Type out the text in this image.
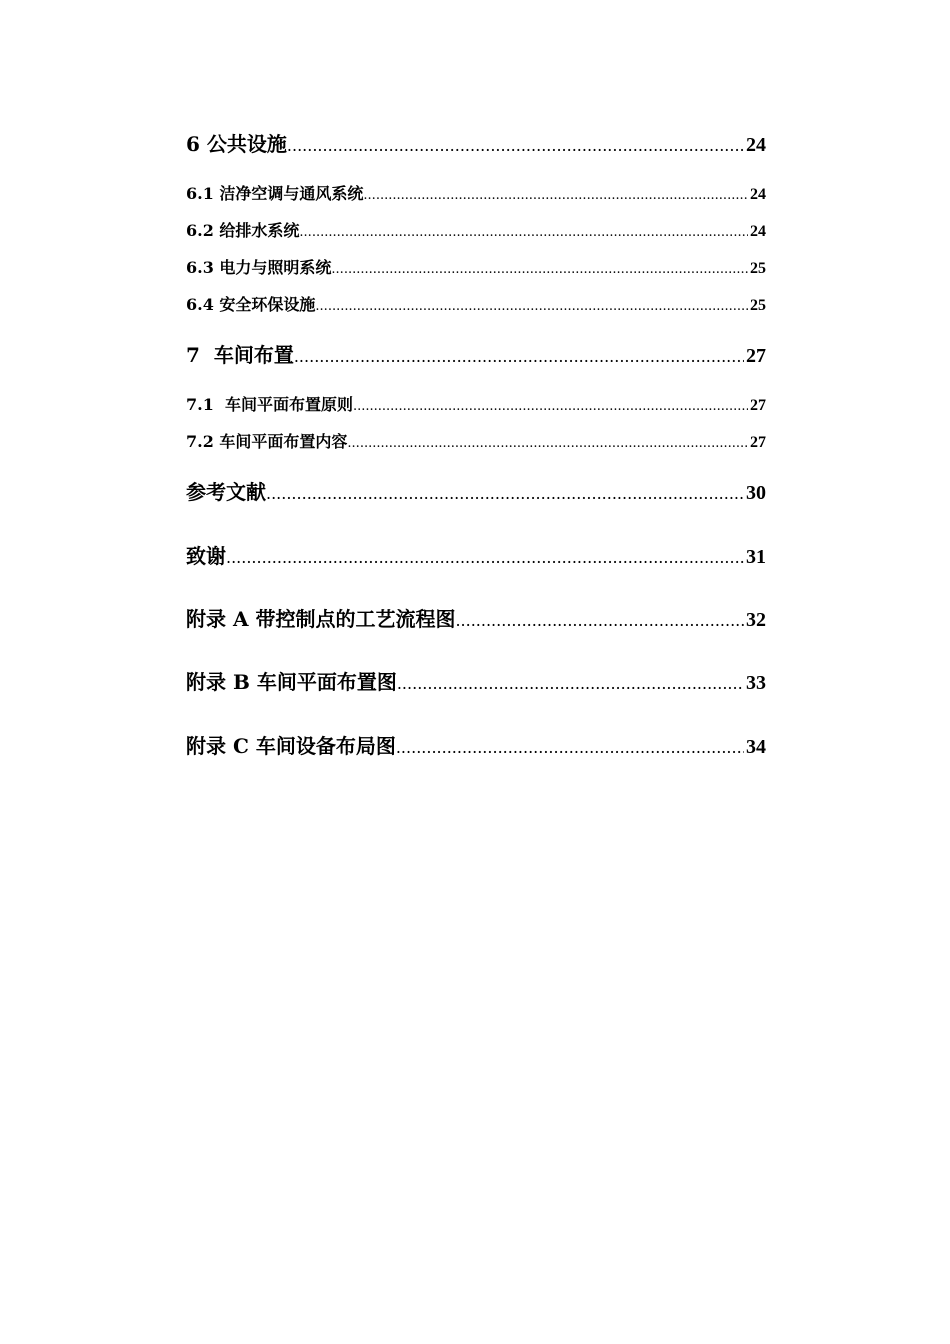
6 公共设施 .....	24
6.1 洁净空调与通风系统 .....	24
6.2 给排水系统 .....	24
6.3 电力与照明系统 .....	25
6.4 安全环保设施 .....	25
7  车间布置 .....	27
7.1  车间平面布置原则 .....	27
7.2 车间平面布置内容 .....	27
参考文献 .....	30
致谢 .....	31
附录 A 带控制点的工艺流程图 .....	32
附录 B 车间平面布置图 .....	33
附录 C 车间设备布局图 .....	34
